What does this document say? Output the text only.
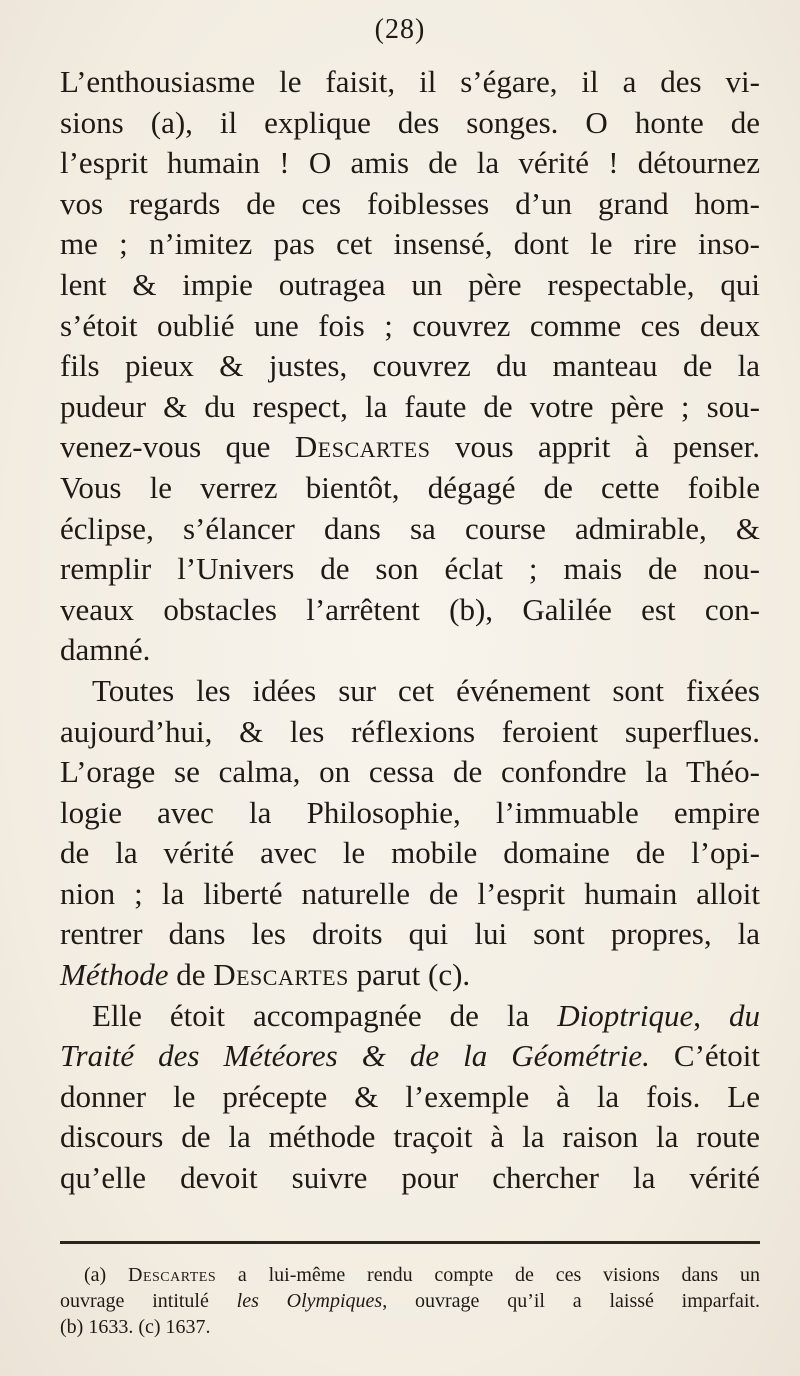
(28)
L’enthousiasme le faisit, il s’égare, il a des vi-
sions (a), il explique des songes. O honte de
l’esprit humain ! O amis de la vérité ! détournez
vos regards de ces foiblesses d’un grand hom-
me ; n’imitez pas cet insensé, dont le rire inso-
lent & impie outragea un père respectable, qui
s’étoit oublié une fois ; couvrez comme ces deux
fils pieux & justes, couvrez du manteau de la
pudeur & du respect, la faute de votre père ; sou-
venez-vous que Descartes vous apprit à penser.
Vous le verrez bientôt, dégagé de cette foible
éclipse, s’élancer dans sa course admirable, &
remplir l’Univers de son éclat ; mais de nou-
veaux obstacles l’arrêtent (b), Galilée est con-
damné.
Toutes les idées sur cet événement sont fixées
aujourd’hui, & les réflexions feroient superflues.
L’orage se calma, on cessa de confondre la Théo-
logie avec la Philosophie, l’immuable empire
de la vérité avec le mobile domaine de l’opi-
nion ; la liberté naturelle de l’esprit humain alloit
rentrer dans les droits qui lui sont propres, la
Méthode de Descartes parut (c).
Elle étoit accompagnée de la Dioptrique, du
Traité des Météores & de la Géométrie. C’étoit
donner le précepte & l’exemple à la fois. Le
discours de la méthode traçoit à la raison la route
qu’elle devoit suivre pour chercher la vérité
(a) Descartes a lui-même rendu compte de ces visions dans un
ouvrage intitulé les Olympiques, ouvrage qu’il a laissé imparfait.
(b) 1633. (c) 1637.
